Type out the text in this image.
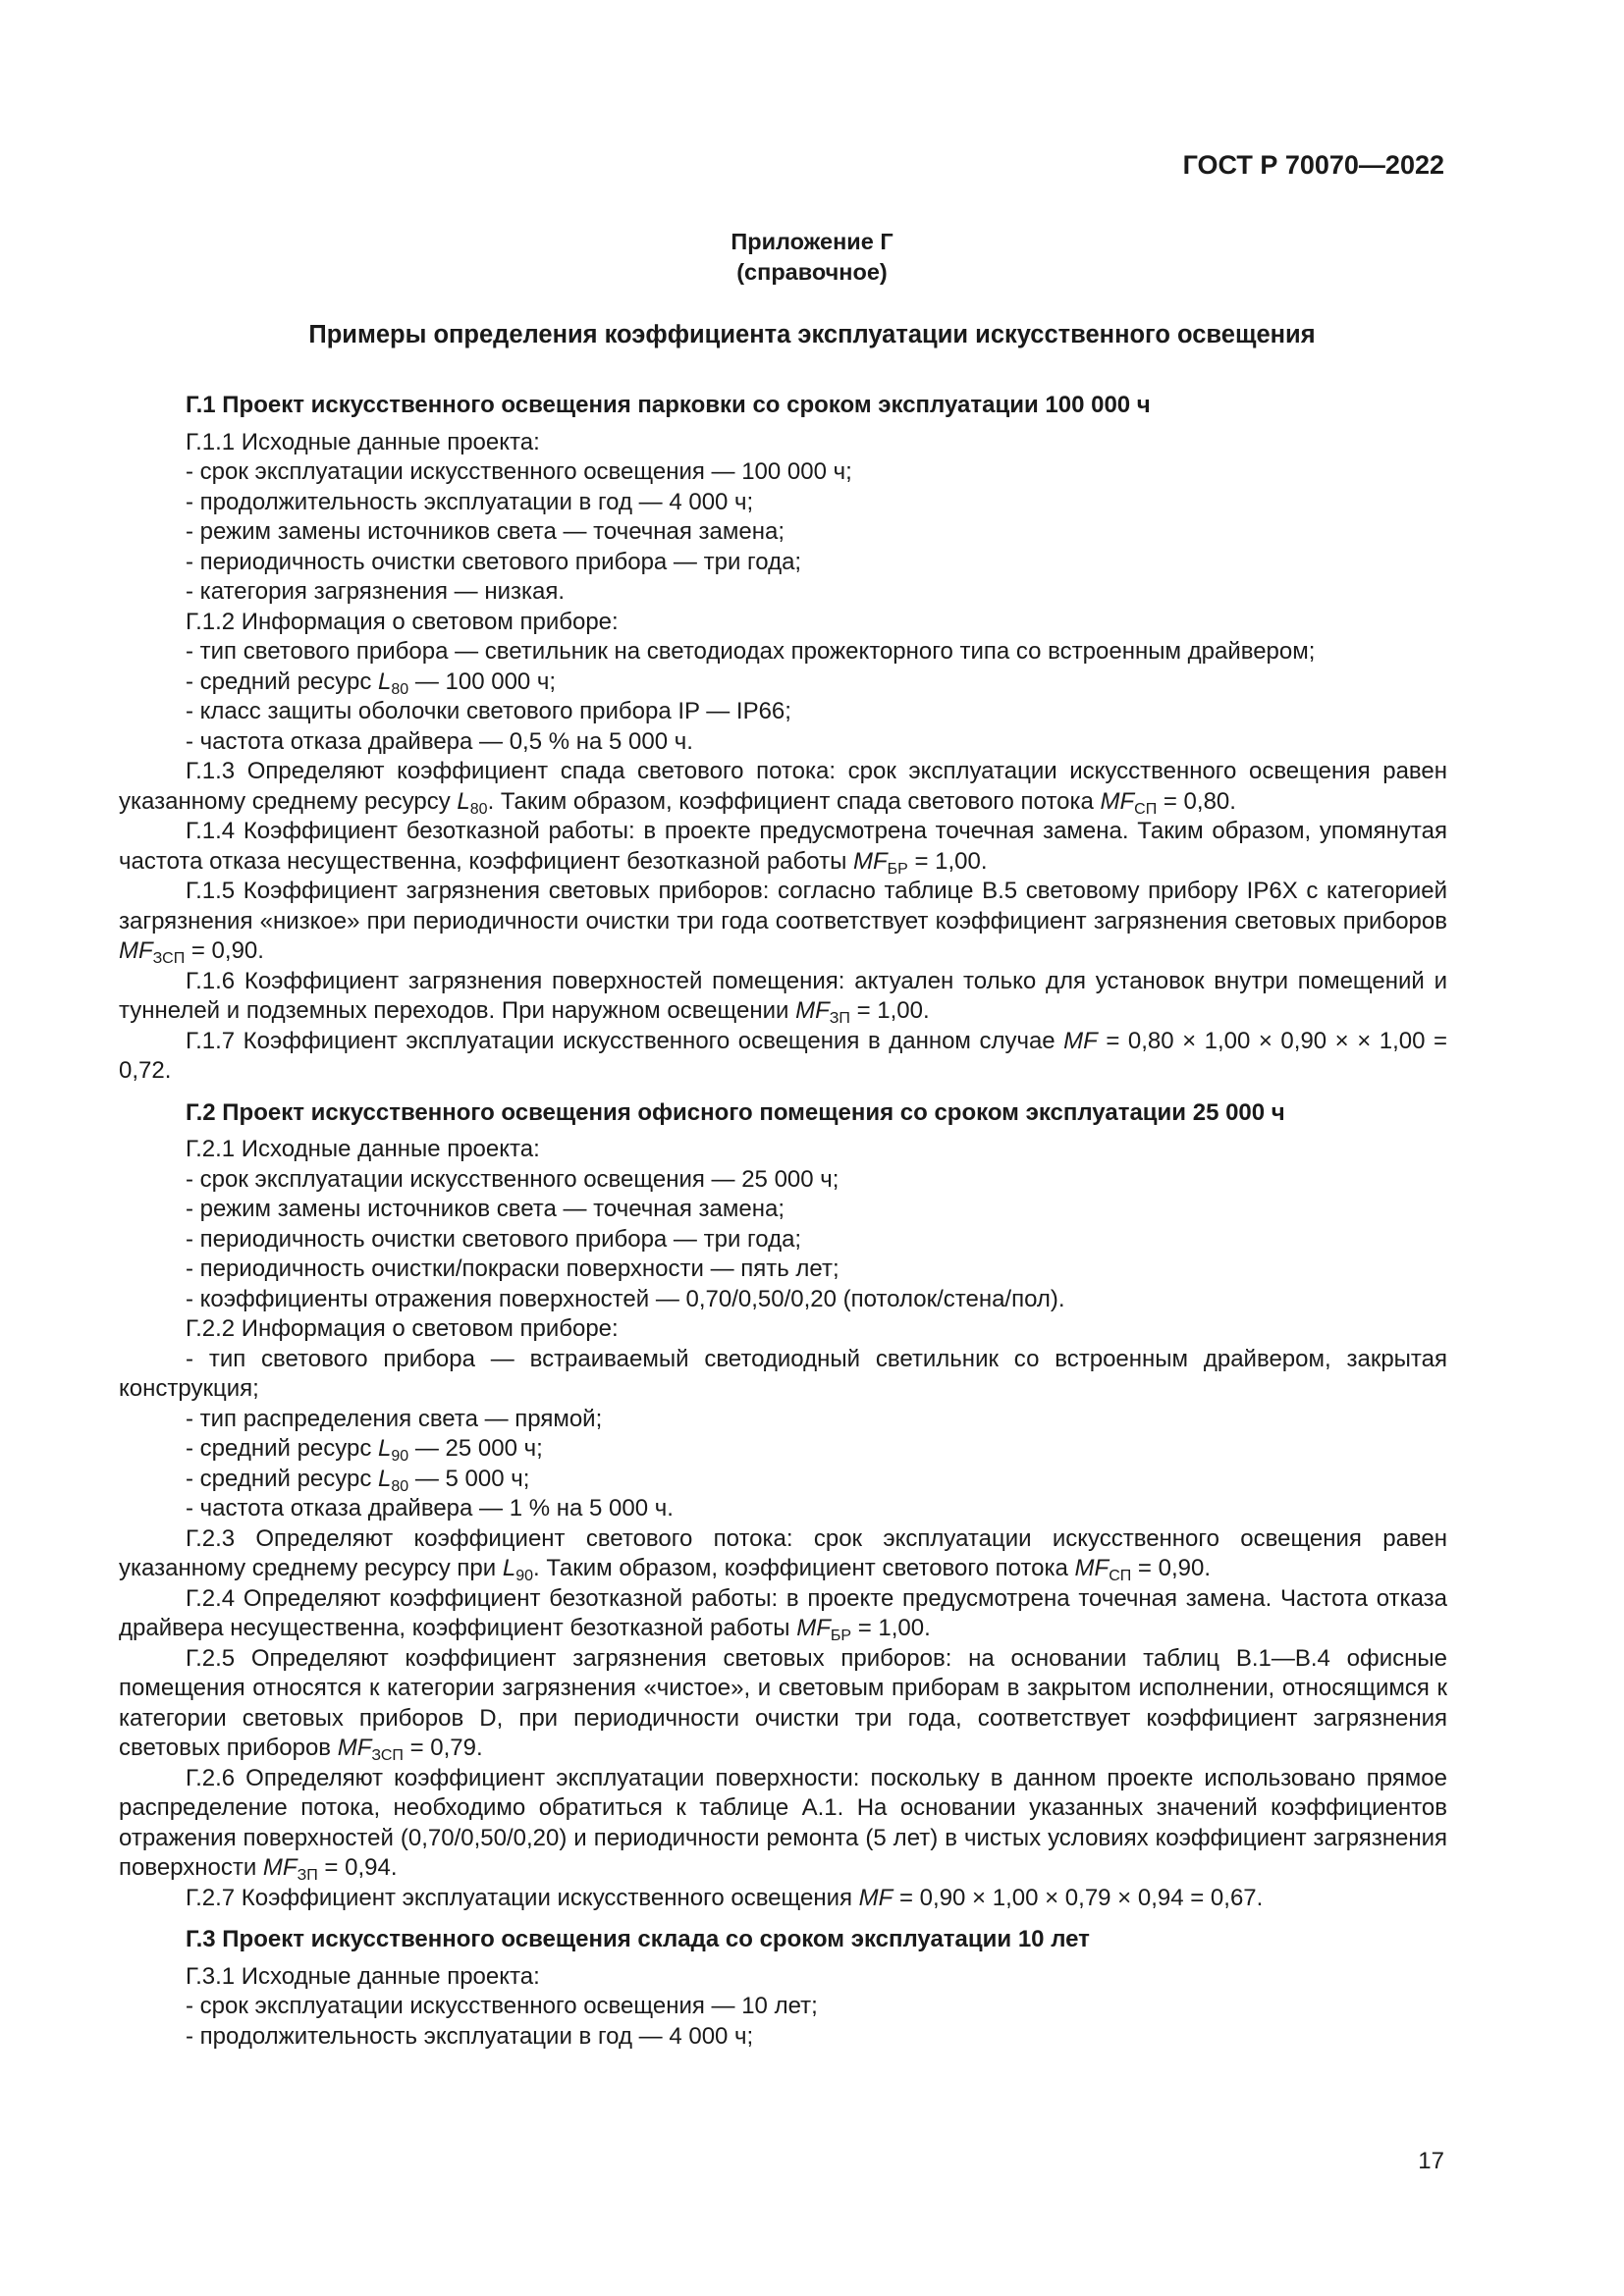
ГОСТ Р 70070—2022
Приложение Г
(справочное)
Примеры определения коэффициента эксплуатации искусственного освещения
Г.1 Проект искусственного освещения парковки со сроком эксплуатации 100 000 ч
Г.1.1 Исходные данные проекта:
- срок эксплуатации искусственного освещения — 100 000 ч;
- продолжительность эксплуатации в год — 4 000 ч;
- режим замены источников света — точечная замена;
- периодичность очистки светового прибора — три года;
- категория загрязнения — низкая.
Г.1.2 Информация о световом приборе:
- тип светового прибора — светильник на светодиодах прожекторного типа со встроенным драйвером;
- средний ресурс $L_{80}$ — 100 000 ч;
- класс защиты оболочки светового прибора IP — IP66;
- частота отказа драйвера — 0,5 % на 5 000 ч.
Г.1.3 Определяют коэффициент спада светового потока: срок эксплуатации искусственного освещения равен указанному среднему ресурсу $L_{80}$. Таким образом, коэффициент спада светового потока $MF_{СП} = 0,80$.
Г.1.4 Коэффициент безотказной работы: в проекте предусмотрена точечная замена. Таким образом, упомянутая частота отказа несущественна, коэффициент безотказной работы $MF_{БР} = 1,00$.
Г.1.5 Коэффициент загрязнения световых приборов: согласно таблице В.5 световому прибору IP6X с категорией загрязнения «низкое» при периодичности очистки три года соответствует коэффициент загрязнения световых приборов $MF_{ЗСП} = 0,90$.
Г.1.6 Коэффициент загрязнения поверхностей помещения: актуален только для установок внутри помещений и туннелей и подземных переходов. При наружном освещении $MF_{ЗП} = 1,00$.
Г.1.7 Коэффициент эксплуатации искусственного освещения в данном случае MF = 0,80 × 1,00 × 0,90 × × 1,00 = 0,72.
Г.2 Проект искусственного освещения офисного помещения со сроком эксплуатации 25 000 ч
Г.2.1 Исходные данные проекта:
- срок эксплуатации искусственного освещения — 25 000 ч;
- режим замены источников света — точечная замена;
- периодичность очистки светового прибора — три года;
- периодичность очистки/покраски поверхности — пять лет;
- коэффициенты отражения поверхностей — 0,70/0,50/0,20 (потолок/стена/пол).
Г.2.2 Информация о световом приборе:
- тип светового прибора — встраиваемый светодиодный светильник со встроенным драйвером, закрытая конструкция;
- тип распределения света — прямой;
- средний ресурс $L_{90}$ — 25 000 ч;
- средний ресурс $L_{80}$ — 5 000 ч;
- частота отказа драйвера — 1 % на 5 000 ч.
Г.2.3 Определяют коэффициент светового потока: срок эксплуатации искусственного освещения равен указанному среднему ресурсу при $L_{90}$. Таким образом, коэффициент светового потока $MF_{СП} = 0,90$.
Г.2.4 Определяют коэффициент безотказной работы: в проекте предусмотрена точечная замена. Частота отказа драйвера несущественна, коэффициент безотказной работы $MF_{БР} = 1,00$.
Г.2.5 Определяют коэффициент загрязнения световых приборов: на основании таблиц В.1—В.4 офисные помещения относятся к категории загрязнения «чистое», и световым приборам в закрытом исполнении, относящимся к категории световых приборов D, при периодичности очистки три года, соответствует коэффициент загрязнения световых приборов $MF_{ЗСП} = 0,79$.
Г.2.6 Определяют коэффициент эксплуатации поверхности: поскольку в данном проекте использовано прямое распределение потока, необходимо обратиться к таблице А.1. На основании указанных значений коэффициентов отражения поверхностей (0,70/0,50/0,20) и периодичности ремонта (5 лет) в чистых условиях коэффициент загрязнения поверхности $MF_{ЗП} = 0,94$.
Г.2.7 Коэффициент эксплуатации искусственного освещения MF = 0,90 × 1,00 × 0,79 × 0,94 = 0,67.
Г.3 Проект искусственного освещения склада со сроком эксплуатации 10 лет
Г.3.1 Исходные данные проекта:
- срок эксплуатации искусственного освещения — 10 лет;
- продолжительность эксплуатации в год — 4 000 ч;
17
